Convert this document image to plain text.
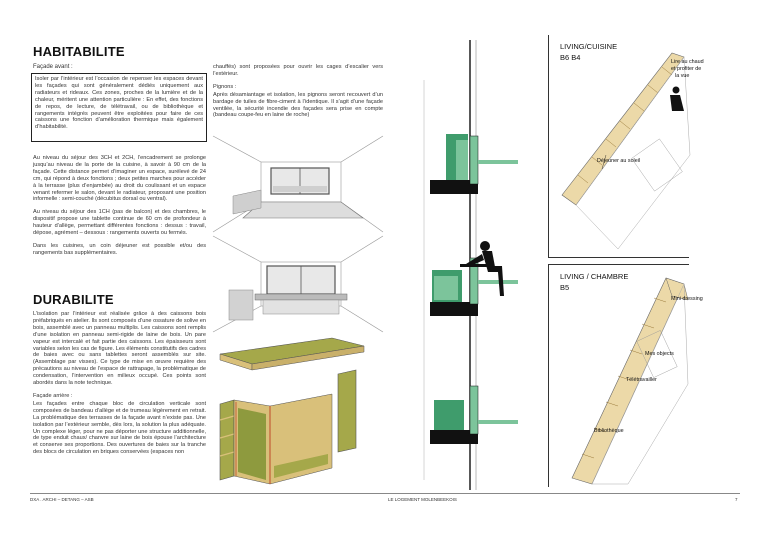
HABITABILITE
Façade avant :
Isoler par l’intérieur est l’occasion de repenser les espaces devant les façades qui sont généralement dédiés uniquement aux radiateurs et rideaux. Ces zones, proches de la lumière et de la chaleur, méritent une attention particulière : En effet, des fonctions de repos, de lecture, de télétravail, ou de bibliothèque et rangements intégrés peuvent être exploitées pour faire de ces caissons une fonction d’amélioration thermique mais également d’habitabilité.

Au niveau du séjour des 3CH et 2CH, l’encadrement se prolonge jusqu’au niveau de la porte de la cuisine, à savoir à 90 cm de la façade. Cette distance permet d’imaginer un espace, surélevé de 24 cm, qui répond à deux fonctions ; deux petites marches pour accéder à la terrasse (plus d’enjambée) au droit du coulissant et un espace venant refermer le salon, devant le radiateur, proposant une position informelle : semi-couché (décubitus dorsal ou ventral).

Au niveau du séjour des 1CH (pas de balcon) et des chambres, le dispositif propose une tablette continue de 60 cm de profondeur à hauteur d’allège, permettant différentes fonctions : dessus : travail, dépose, agrément – dessous : rangements ouverts ou fermés.

Dans les cuisines, un coin déjeuner est possible et/ou des rangements bas supplémentaires.

DURABILITE

L’isolation par l’intérieur est réalisée grâce à des caissons bois préfabriqués en atelier. Ils sont composés d’une ossature de solive en bois, assemblé avec un panneau multiplis. Les caissons sont remplis d’une isolation en panneau semi-rigide de laine de bois. Un pare vapeur est intercalé et fait partie des caissons. Les épaisseurs sont variables selon les cas de figure. Les éléments constitutifs des cadres de baies avec ou sans tablettes seront assemblés sur site. (Assemblage par visses). Ce type de mise en œuvre requière des précautions au niveau de l’espace de rattrapage, la problématique de condensation, l’intervention en milieux occupé. Ces points sont abordés dans la note technique.

Façade arrière :

Les façades entre chaque bloc de circulation verticale sont composées de bandeau d’allège et de trumeau légèrement en retrait. La problématique des terrasses de la façade avant n’existe pas. Une isolation par l’extérieur semble, dès lors, la solution la plus adéquate. Un complexe léger, pour ne pas déporter une structure additionnelle, de type enduit chaux/ chanvre sur laine de bois épouse l’architecture et conserve ses proportions. Des ouvertures de baies sur la tranche des blocs de circulation en briques conservées (espaces non

chauffés) sont proposées pour ouvrir les cages d’escalier vers l’extérieur.

Pignons :

Après désamiantage et isolation, les pignons seront recouvert d’un bardage de tuiles de fibre-ciment à l’identique. Il s’agit d’une façade ventilée, la sécurité incendie des façades sera prise en compte (bandeau coupe-feu en laine de roche)

LIVING/CUISINE
B6 B4	Lire au chaud
et profiter de
la vue
Déjeuner au soleil
LIVING / CHAMBRE
B5
Mini dressing
Mes objects
Télétravailler
Bibliothèque
DXA . ARCHI – DETANG – ASB	LE LOGEMENT MOLENBEEKOIS	7
